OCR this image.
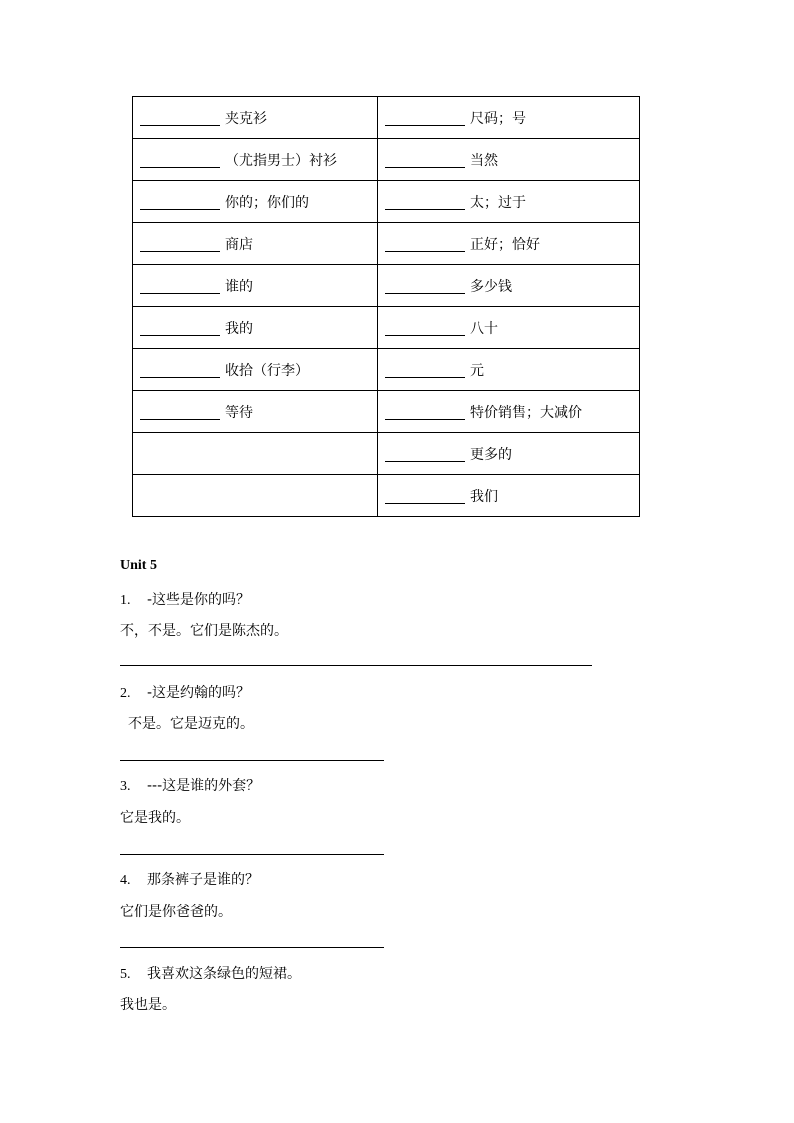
夹克衫	尺码；号
（尤指男士）衬衫	当然
你的；你们的	太；过于
商店	正好；恰好
谁的	多少钱
我的	八十
收拾（行李）	元
等待	特价销售；大减价
	更多的
	我们
Unit 5
1. -这些是你的吗？
不，不是。它们是陈杰的。
2. -这是约翰的吗？
不是。它是迈克的。
3. ---这是谁的外套？
它是我的。
4. 那条裤子是谁的？
它们是你爸爸的。
5. 我喜欢这条绿色的短裙。
我也是。
